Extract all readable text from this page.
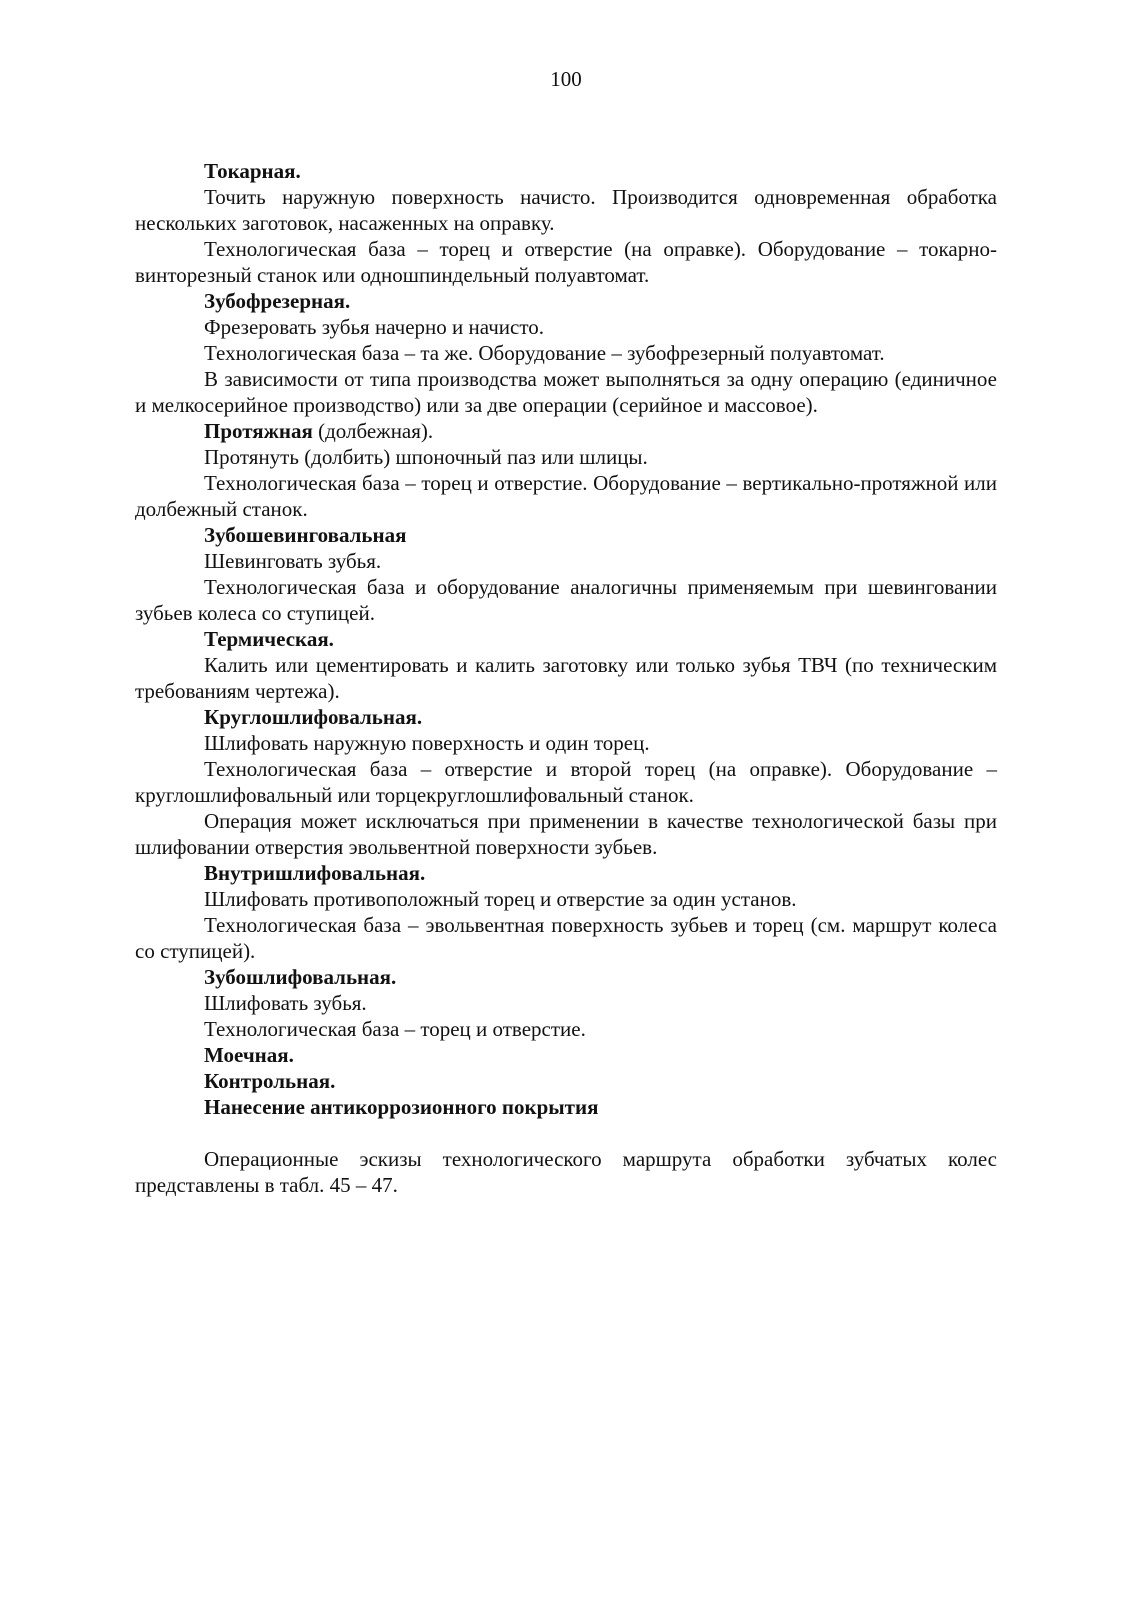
100

Токарная.

Точить наружную поверхность начисто. Производится одновременная обработка нескольких заготовок, насаженных на оправку.

Технологическая база – торец и отверстие (на оправке). Оборудование – токарно-винторезный станок или одношпиндельный полуавтомат.

Зубофрезерная.

Фрезеровать зубья начерно и начисто.

Технологическая база – та же. Оборудование – зубофрезерный полуавтомат.

В зависимости от типа производства может выполняться за одну операцию (единичное и мелкосерийное производство) или за две операции (серийное и массовое).

Протяжная (долбежная).

Протянуть (долбить) шпоночный паз или шлицы.

Технологическая база – торец и отверстие. Оборудование – вертикально-протяжной или долбежный станок.

Зубошевинговальная

Шевинговать зубья.

Технологическая база и оборудование аналогичны применяемым при шевинговании зубьев колеса со ступицей.

Термическая.

Калить или цементировать и калить заготовку или только зубья ТВЧ (по техническим требованиям чертежа).

Круглошлифовальная.

Шлифовать наружную поверхность и один торец.

Технологическая база – отверстие и второй торец (на оправке). Оборудование – круглошлифовальный или торцекруглошлифовальный станок.

Операция может исключаться при применении в качестве технологической базы при шлифовании отверстия эвольвентной поверхности зубьев.

Внутришлифовальная.

Шлифовать противоположный торец и отверстие за один установ.

Технологическая база – эвольвентная поверхность зубьев и торец (см. маршрут колеса со ступицей).

Зубошлифовальная.

Шлифовать зубья.

Технологическая база – торец и отверстие.

Моечная.

Контрольная.

Нанесение антикоррозионного покрытия

Операционные эскизы технологического маршрута обработки зубчатых колес представлены в табл. 45 – 47.
